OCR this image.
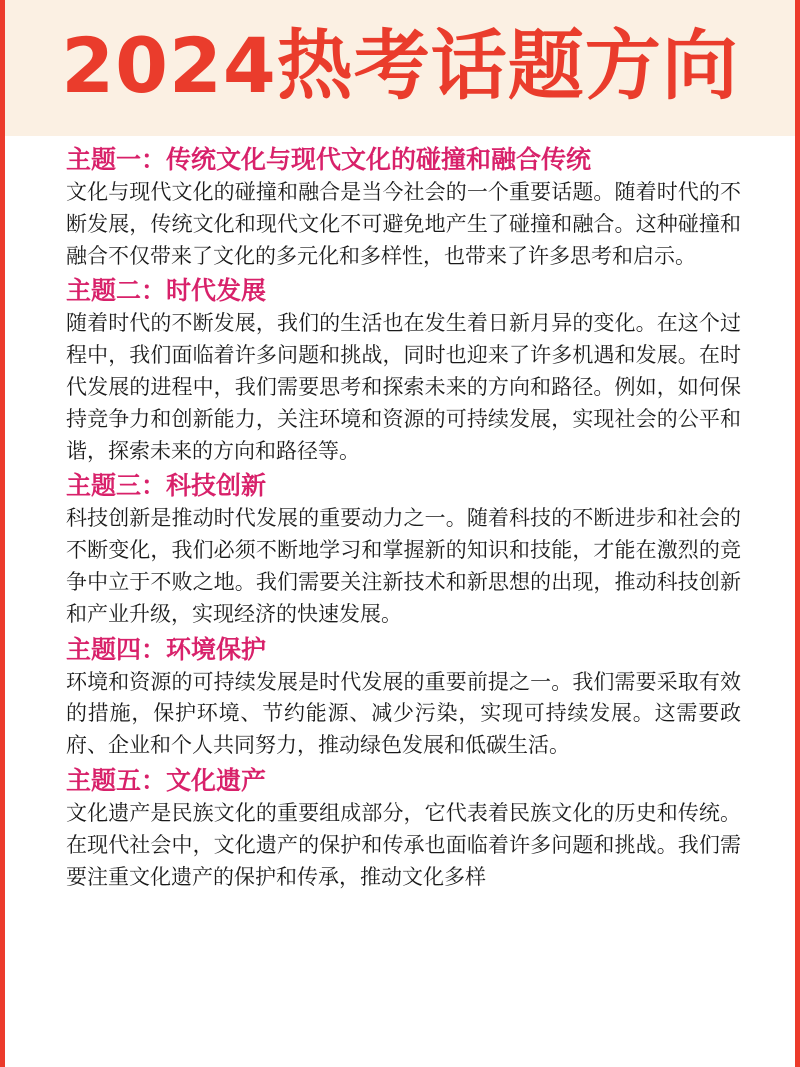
2024热考话题方向
主题一：传统文化与现代文化的碰撞和融合传统
文化与现代文化的碰撞和融合是当今社会的一个重要话题。随着时代的不断发展，传统文化和现代文化不可避免地产生了碰撞和融合。这种碰撞和融合不仅带来了文化的多元化和多样性，也带来了许多思考和启示。
主题二：时代发展
随着时代的不断发展，我们的生活也在发生着日新月异的变化。在这个过程中，我们面临着许多问题和挑战，同时也迎来了许多机遇和发展。在时代发展的进程中，我们需要思考和探索未来的方向和路径。例如，如何保持竞争力和创新能力，关注环境和资源的可持续发展，实现社会的公平和谐，探索未来的方向和路径等。
主题三：科技创新
科技创新是推动时代发展的重要动力之一。随着科技的不断进步和社会的不断变化，我们必须不断地学习和掌握新的知识和技能，才能在激烈的竞争中立于不败之地。我们需要关注新技术和新思想的出现，推动科技创新和产业升级，实现经济的快速发展。
主题四：环境保护
环境和资源的可持续发展是时代发展的重要前提之一。我们需要采取有效的措施，保护环境、节约能源、减少污染，实现可持续发展。这需要政府、企业和个人共同努力，推动绿色发展和低碳生活。
主题五：文化遗产
文化遗产是民族文化的重要组成部分，它代表着民族文化的历史和传统。在现代社会中，文化遗产的保护和传承也面临着许多问题和挑战。我们需要注重文化遗产的保护和传承，推动文化多样
